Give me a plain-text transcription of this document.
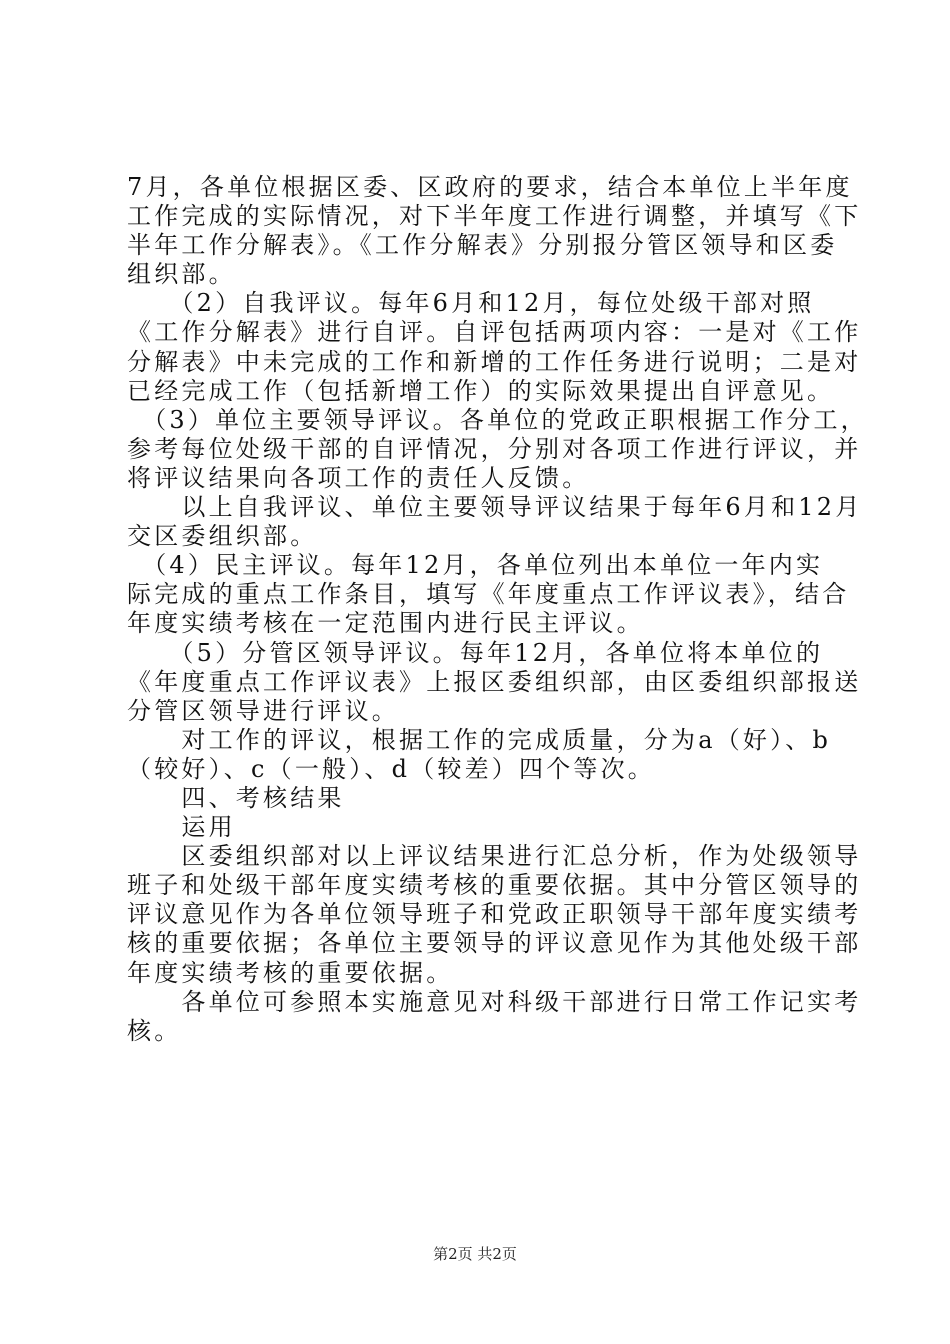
7月，各单位根据区委、区政府的要求，结合本单位上半年度
工作完成的实际情况，对下半年度工作进行调整，并填写《下
半年工作分解表》。《工作分解表》分别报分管区领导和区委
组织部。
　　（2）自我评议。每年6月和12月，每位处级干部对照
《工作分解表》进行自评。自评包括两项内容：一是对《工作
分解表》中未完成的工作和新增的工作任务进行说明；二是对
已经完成工作（包括新增工作）的实际效果提出自评意见。
　（3）单位主要领导评议。各单位的党政正职根据工作分工，
参考每位处级干部的自评情况，分别对各项工作进行评议，并
将评议结果向各项工作的责任人反馈。
　　以上自我评议、单位主要领导评议结果于每年6月和12月
交区委组织部。
　（4）民主评议。每年12月，各单位列出本单位一年内实
际完成的重点工作条目，填写《年度重点工作评议表》，结合
年度实绩考核在一定范围内进行民主评议。
　　（5）分管区领导评议。每年12月，各单位将本单位的
《年度重点工作评议表》上报区委组织部，由区委组织部报送
分管区领导进行评议。
　　对工作的评议，根据工作的完成质量，分为a（好）、b
（较好）、c（一般）、d（较差）四个等次。
　　四、考核结果
　　运用
　　区委组织部对以上评议结果进行汇总分析，作为处级领导
班子和处级干部年度实绩考核的重要依据。其中分管区领导的
评议意见作为各单位领导班子和党政正职领导干部年度实绩考
核的重要依据；各单位主要领导的评议意见作为其他处级干部
年度实绩考核的重要依据。
　　各单位可参照本实施意见对科级干部进行日常工作记实考
核。
第2页 共2页
